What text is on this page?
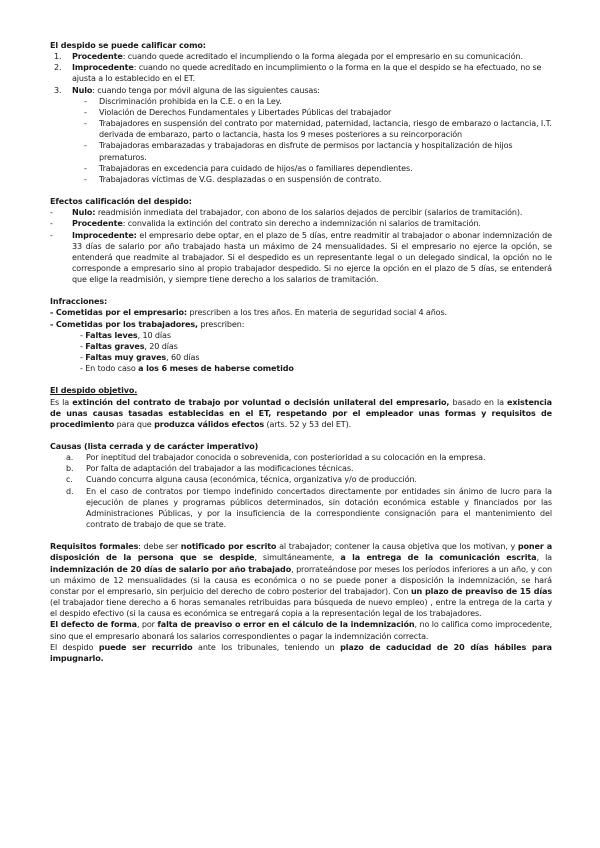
El despido se puede calificar como:

1.	Procedente: cuando quede acreditado el incumpliendo o la forma alegada por el empresario en su comunicación.
2.	Improcedente: cuando no quede acreditado en incumplimiento o la forma en la que el despido se ha efectuado, no se ajusta a lo establecido en el ET.
3.	Nulo: cuando tenga por móvil alguna de las siguientes causas:
-	Discriminación prohibida en la C.E. o en la Ley.
-	Violación de Derechos Fundamentales y Libertades Públicas del trabajador
-	Trabajadores en suspensión del contrato por maternidad, paternidad, lactancia, riesgo de embarazo o lactancia, I.T. derivada de embarazo, parto o lactancia, hasta los 9 meses posteriores a su reincorporación
-	Trabajadoras embarazadas y trabajadoras en disfrute de permisos por lactancia y hospitalización de hijos prematuros.
-	Trabajadoras en excedencia para cuidado de hijos/as o familiares dependientes.
-	Trabajadoras víctimas de V.G. desplazadas o en suspensión de contrato.

Efectos calificación del despido:

-	Nulo: readmisión inmediata del trabajador, con abono de los salarios dejados de percibir (salarios de tramitación).
-	Procedente: convalida la extinción del contrato sin derecho a indemnización ni salarios de tramitación.
-	Improcedente: el empresario debe optar, en el plazo de 5 días, entre readmitir al trabajador o abonar indemnización de 33 días de salario por año trabajado hasta un máximo de 24 mensualidades. Si el empresario no ejerce la opción, se entenderá que readmite al trabajador. Si el despedido es un representante legal o un delegado sindical, la opción no le corresponde a empresario sino al propio trabajador despedido. Si no ejerce la opción en el plazo de 5 días, se entenderá que elige la readmisión, y siempre tiene derecho a los salarios de tramitación.

Infracciones:

- Cometidas por el empresario: prescriben a los tres años. En materia de seguridad social 4 años.

- Cometidas por los trabajadores, prescriben:

- Faltas leves, 10 días

- Faltas graves, 20 días

- Faltas muy graves, 60 días

- En todo caso a los 6 meses de haberse cometido

El despido objetivo.

Es la extinción del contrato de trabajo por voluntad o decisión unilateral del empresario, basado en la existencia de unas causas tasadas establecidas en el ET, respetando por el empleador unas formas y requisitos de procedimiento para que produzca válidos efectos (arts. 52 y 53 del ET).

Causas (lista cerrada y de carácter imperativo)

a.	Por ineptitud del trabajador conocida o sobrevenida, con posterioridad a su colocación en la empresa.
b.	Por falta de adaptación del trabajador a las modificaciones técnicas.
c.	Cuando concurra alguna causa (económica, técnica, organizativa y/o de producción.
d.	En el caso de contratos por tiempo indefinido concertados directamente por entidades sin ánimo de lucro para la ejecución de planes y programas públicos determinados, sin dotación económica estable y financiados por las Administraciones Públicas, y por la insuficiencia de la correspondiente consignación para el mantenimiento del contrato de trabajo de que se trate.

Requisitos formales: debe ser notificado por escrito al trabajador; contener la causa objetiva que los motivan, y poner a disposición de la persona que se despide, simultáneamente, a la entrega de la comunicación escrita, la indemnización de 20 días de salario por año trabajado, prorrateándose por meses los períodos inferiores a un año, y con un máximo de 12 mensualidades (si la causa es económica o no se puede poner a disposición la indemnización, se hará constar por el empresario, sin perjuicio del derecho de cobro posterior del trabajador). Con un plazo de preaviso de 15 días (el trabajador tiene derecho a 6 horas semanales retribuidas para búsqueda de nuevo empleo) , entre la entrega de la carta y el despido efectivo (si la causa es económica se entregará copia a la representación legal de los trabajadores.

El defecto de forma, por falta de preaviso o error en el cálculo de la indemnización, no lo califica como improcedente, sino que el empresario abonará los salarios correspondientes o pagar la indemnización correcta.

El despido puede ser recurrido ante los tribunales, teniendo un plazo de caducidad de 20 días hábiles para impugnarlo.
